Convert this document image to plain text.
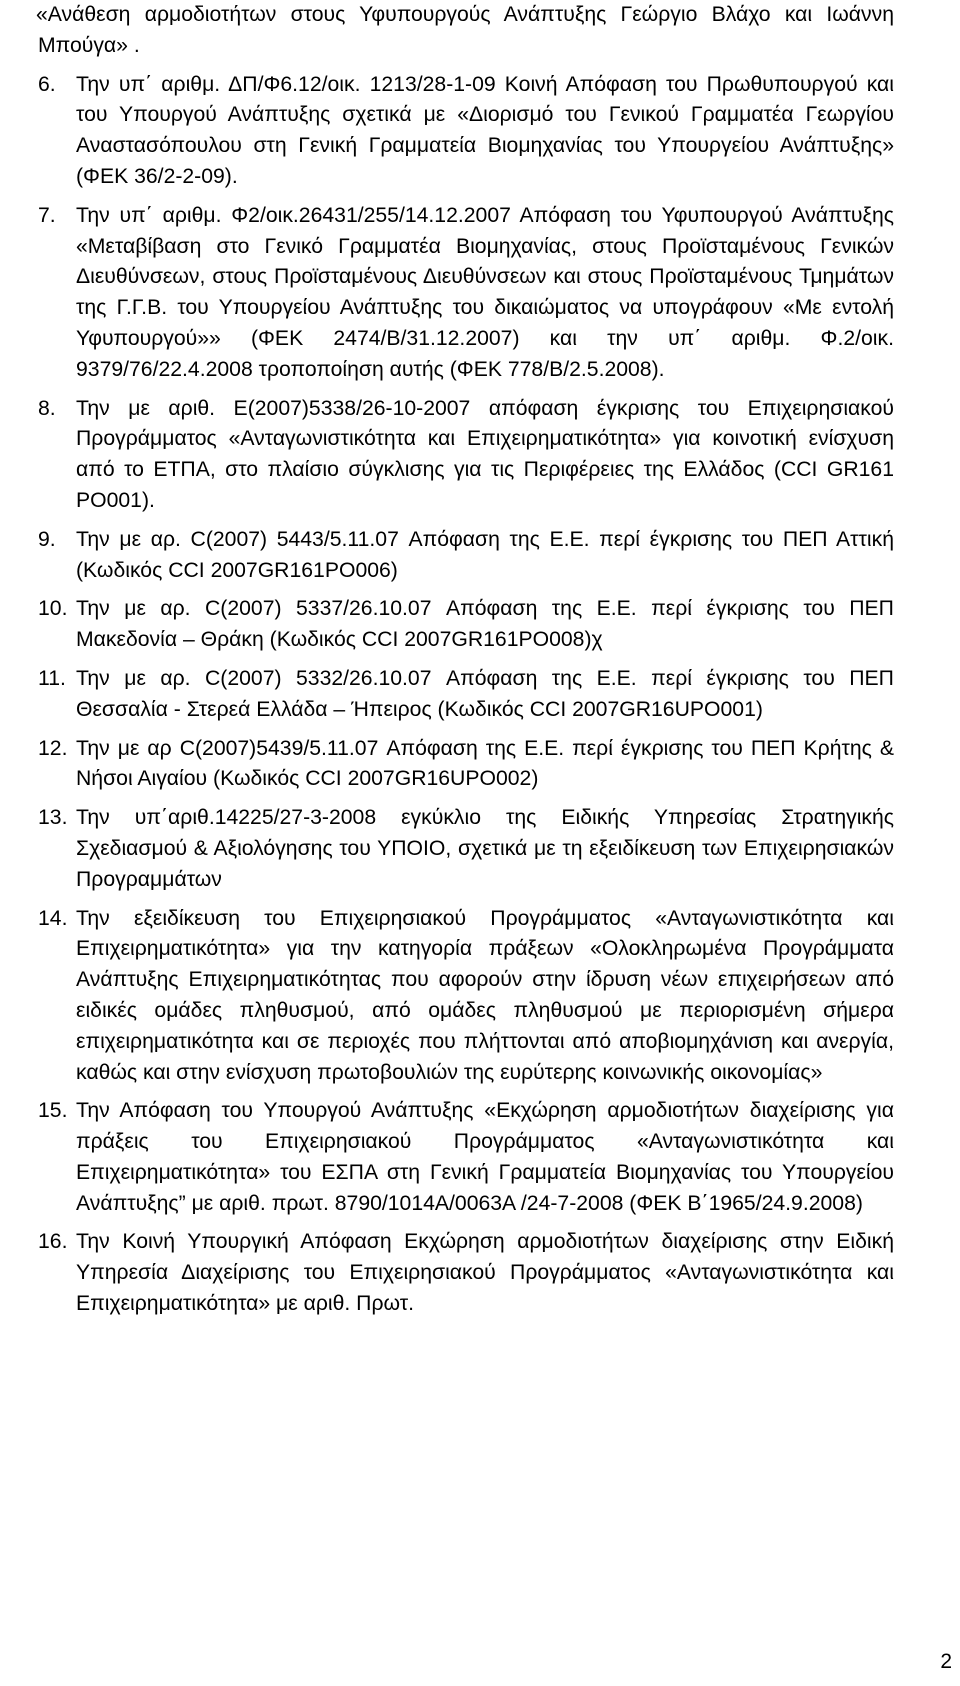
«Ανάθεση αρμοδιοτήτων στους Υφυπουργούς Ανάπτυξης Γεώργιο Βλάχο και Ιωάννη Μπούγα» .

6. Την υπ΄ αριθμ. ΔΠ/Φ6.12/οικ. 1213/28-1-09 Κοινή Απόφαση του Πρωθυπουργού και του Υπουργού Ανάπτυξης σχετικά με «Διορισμό του Γενικού Γραμματέα Γεωργίου Αναστασόπουλου στη Γενική Γραμματεία Βιομηχανίας του Υπουργείου Ανάπτυξης» (ΦΕΚ 36/2-2-09).
7. Την υπ΄ αριθμ. Φ2/οικ.26431/255/14.12.2007 Απόφαση του Υφυπουργού Ανάπτυξης «Μεταβίβαση στο Γενικό Γραμματέα Βιομηχανίας, στους Προϊσταμένους Γενικών Διευθύνσεων, στους Προϊσταμένους Διευθύνσεων και στους Προϊσταμένους Τμημάτων της Γ.Γ.Β. του Υπουργείου Ανάπτυξης του δικαιώματος να υπογράφουν «Με εντολή Υφυπουργού»» (ΦΕΚ 2474/Β/31.12.2007) και την υπ΄ αριθμ. Φ.2/οικ. 9379/76/22.4.2008 τροποποίηση αυτής (ΦΕΚ 778/Β/2.5.2008).
8. Την με αριθ. Ε(2007)5338/26-10-2007 απόφαση έγκρισης του Επιχειρησιακού Προγράμματος «Ανταγωνιστικότητα και Επιχειρηματικότητα» για κοινοτική ενίσχυση από το ΕΤΠΑ, στο πλαίσιο σύγκλισης για τις Περιφέρειες της Ελλάδος (CCI GR161 PO001).
9. Την με αρ. C(2007) 5443/5.11.07 Απόφαση της Ε.Ε. περί έγκρισης του ΠΕΠ Αττική (Κωδικός CCI 2007GR161PO006)
10. Την με αρ. C(2007) 5337/26.10.07 Απόφαση της Ε.Ε. περί έγκρισης του ΠΕΠ Μακεδονία – Θράκη (Κωδικός CCI 2007GR161PO008)χ
11. Την με αρ. C(2007) 5332/26.10.07 Απόφαση της Ε.Ε. περί έγκρισης του ΠΕΠ Θεσσαλία - Στερεά Ελλάδα – Ήπειρος (Κωδικός CCI 2007GR16UPO001)
12. Την με αρ C(2007)5439/5.11.07 Απόφαση της Ε.Ε. περί έγκρισης του ΠΕΠ Κρήτης & Νήσοι Αιγαίου (Κωδικός CCI 2007GR16UPO002)
13. Την υπ΄αριθ.14225/27-3-2008 εγκύκλιο της Ειδικής Υπηρεσίας Στρατηγικής Σχεδιασμού & Αξιολόγησης του ΥΠΟΙΟ, σχετικά με τη εξειδίκευση των Επιχειρησιακών Προγραμμάτων
14. Την εξειδίκευση του Επιχειρησιακού Προγράμματος «Ανταγωνιστικότητα και Επιχειρηματικότητα» για την κατηγορία πράξεων «Ολοκληρωμένα Προγράμματα Ανάπτυξης Επιχειρηματικότητας που αφορούν στην ίδρυση νέων επιχειρήσεων από ειδικές ομάδες πληθυσμού, από ομάδες πληθυσμού με περιορισμένη σήμερα επιχειρηματικότητα και σε περιοχές που πλήττονται από αποβιομηχάνιση και ανεργία, καθώς και στην ενίσχυση πρωτοβουλιών της ευρύτερης κοινωνικής οικονομίας»
15. Την Απόφαση του Υπουργού Ανάπτυξης «Εκχώρηση αρμοδιοτήτων διαχείρισης για πράξεις του Επιχειρησιακού Προγράμματος «Ανταγωνιστικότητα και Επιχειρηματικότητα» του ΕΣΠΑ στη Γενική Γραμματεία Βιομηχανίας του Υπουργείου Ανάπτυξης” με αριθ. πρωτ. 8790/1014Α/0063Α /24-7-2008 (ΦΕΚ Β΄1965/24.9.2008)
16. Την Κοινή Υπουργική Απόφαση Εκχώρηση αρμοδιοτήτων διαχείρισης στην Ειδική Υπηρεσία Διαχείρισης του Επιχειρησιακού Προγράμματος «Ανταγωνιστικότητα και Επιχειρηματικότητα» με αριθ. Πρωτ.
2
